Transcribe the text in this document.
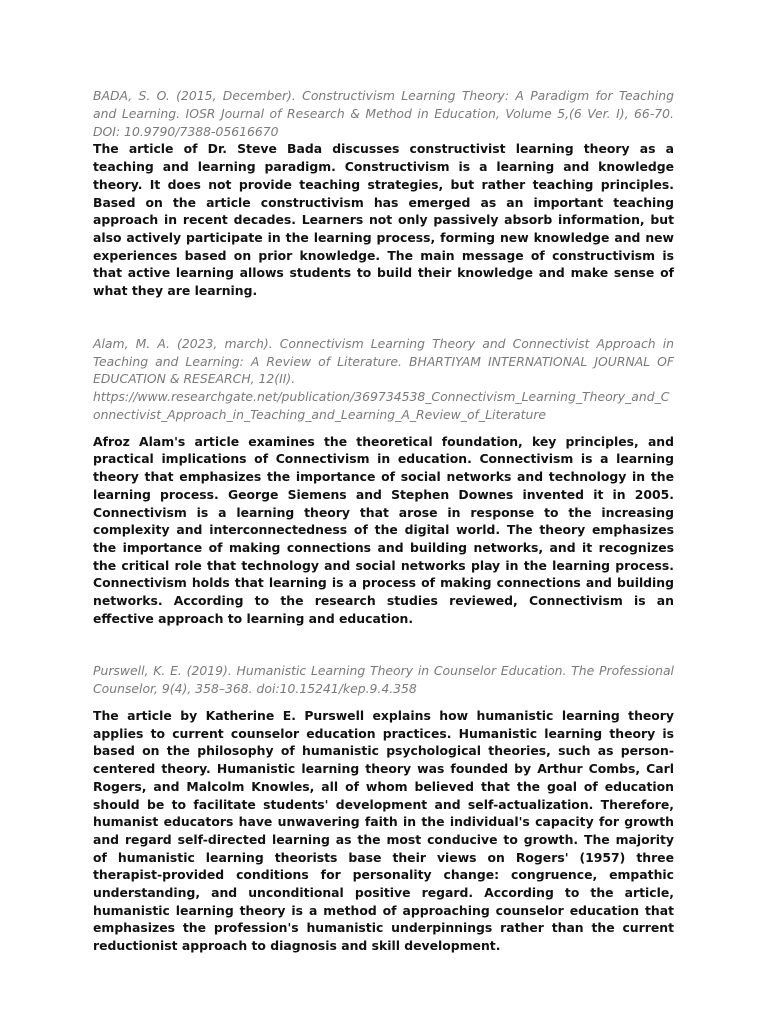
BADA, S. O. (2015, December). Constructivism Learning Theory: A Paradigm for Teaching and Learning. IOSR Journal of Research & Method in Education, Volume 5,(6 Ver. I), 66-70. DOI: 10.9790/7388-05616670

The article of Dr. Steve Bada discusses constructivist learning theory as a teaching and learning paradigm. Constructivism is a learning and knowledge theory. It does not provide teaching strategies, but rather teaching principles. Based on the article constructivism has emerged as an important teaching approach in recent decades. Learners not only passively absorb information, but also actively participate in the learning process, forming new knowledge and new experiences based on prior knowledge. The main message of constructivism is that active learning allows students to build their knowledge and make sense of what they are learning.

Alam, M. A. (2023, march). Connectivism Learning Theory and Connectivist Approach in Teaching and Learning: A Review of Literature. BHARTIYAM INTERNATIONAL JOURNAL OF EDUCATION & RESEARCH, 12(II).
https://www.researchgate.net/publication/369734538_Connectivism_Learning_Theory_and_Connectivist_Approach_in_Teaching_and_Learning_A_Review_of_Literature

Afroz Alam's article examines the theoretical foundation, key principles, and practical implications of Connectivism in education. Connectivism is a learning theory that emphasizes the importance of social networks and technology in the learning process. George Siemens and Stephen Downes invented it in 2005. Connectivism is a learning theory that arose in response to the increasing complexity and interconnectedness of the digital world. The theory emphasizes the importance of making connections and building networks, and it recognizes the critical role that technology and social networks play in the learning process. Connectivism holds that learning is a process of making connections and building networks. According to the research studies reviewed, Connectivism is an effective approach to learning and education.

Purswell, K. E. (2019). Humanistic Learning Theory in Counselor Education. The Professional Counselor, 9(4), 358–368. doi:10.15241/kep.9.4.358

The article by Katherine E. Purswell explains how humanistic learning theory applies to current counselor education practices. Humanistic learning theory is based on the philosophy of humanistic psychological theories, such as person-centered theory. Humanistic learning theory was founded by Arthur Combs, Carl Rogers, and Malcolm Knowles, all of whom believed that the goal of education should be to facilitate students' development and self-actualization. Therefore, humanist educators have unwavering faith in the individual's capacity for growth and regard self-directed learning as the most conducive to growth. The majority of humanistic learning theorists base their views on Rogers' (1957) three therapist-provided conditions for personality change: congruence, empathic understanding, and unconditional positive regard. According to the article, humanistic learning theory is a method of approaching counselor education that emphasizes the profession's humanistic underpinnings rather than the current reductionist approach to diagnosis and skill development.
